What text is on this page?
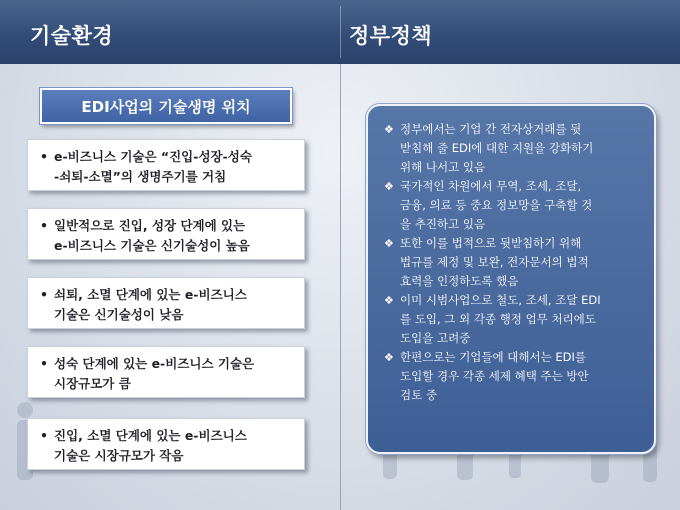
기술환경	정부정책
EDI사업의 기술생명 위치
• e-비즈니스 기술은 “진입-성장-성숙
-쇠퇴-소멸”의 생명주기를 거침
• 일반적으로 진입, 성장 단계에 있는
e-비즈니스 기술은 신기술성이 높음
• 쇠퇴, 소멸 단계에 있는 e-비즈니스
기술은 신기술성이 낮음
• 성숙 단계에 있는 e-비즈니스 기술은
시장규모가 큼
• 진입, 소멸 단계에 있는 e-비즈니스
기술은 시장규모가 작음
❖ 정부에서는 기업 간 전자상거래를 뒷
받침해 줄 EDI에 대한 지원을 강화하기
위해 나서고 있음
❖ 국가적인 차원에서 무역, 조세, 조달,
금융, 의료 등 중요 정보망을 구축할 것
을 추진하고 있음
❖ 또한 이를 법적으로 뒷받침하기 위해
법규를 제정 및 보완, 전자문서의 법적
효력을 인정하도록 했음
❖ 이미 시범사업으로 철도, 조세, 조달 EDI
를 도입, 그 외 각종 행정 업무 처리에도
도입을 고려중
❖ 한편으로는 기업들에 대해서는 EDI를
도입할 경우 각종 세제 혜택 주는 방안
검토 중
